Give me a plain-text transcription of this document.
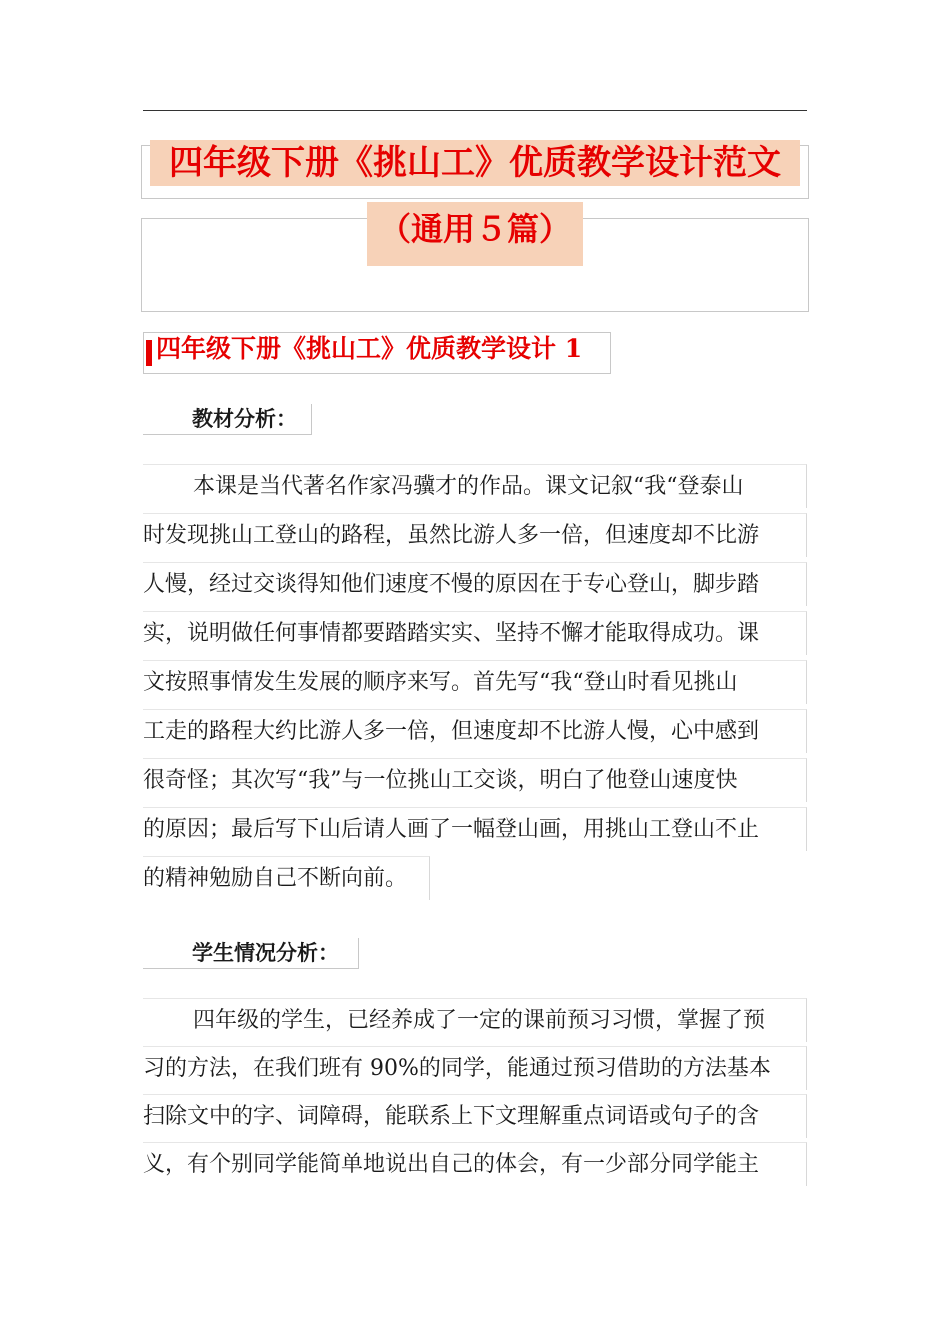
四年级下册《挑山工》优质教学设计范文
（通用５篇）
四年级下册《挑山工》优质教学设计 1
教材分析：
本课是当代著名作家冯骥才的作品。课文记叙“我“登泰山
时发现挑山工登山的路程，虽然比游人多一倍，但速度却不比游
人慢，经过交谈得知他们速度不慢的原因在于专心登山，脚步踏
实，说明做任何事情都要踏踏实实、坚持不懈才能取得成功。课
文按照事情发生发展的顺序来写。首先写“我“登山时看见挑山
工走的路程大约比游人多一倍，但速度却不比游人慢，心中感到
很奇怪；其次写“我”与一位挑山工交谈，明白了他登山速度快
的原因；最后写下山后请人画了一幅登山画，用挑山工登山不止
的精神勉励自己不断向前。
学生情况分析：
四年级的学生，已经养成了一定的课前预习习惯，掌握了预
习的方法，在我们班有 90%的同学，能通过预习借助的方法基本
扫除文中的字、词障碍，能联系上下文理解重点词语或句子的含
义，有个别同学能简单地说出自己的体会，有一少部分同学能主
